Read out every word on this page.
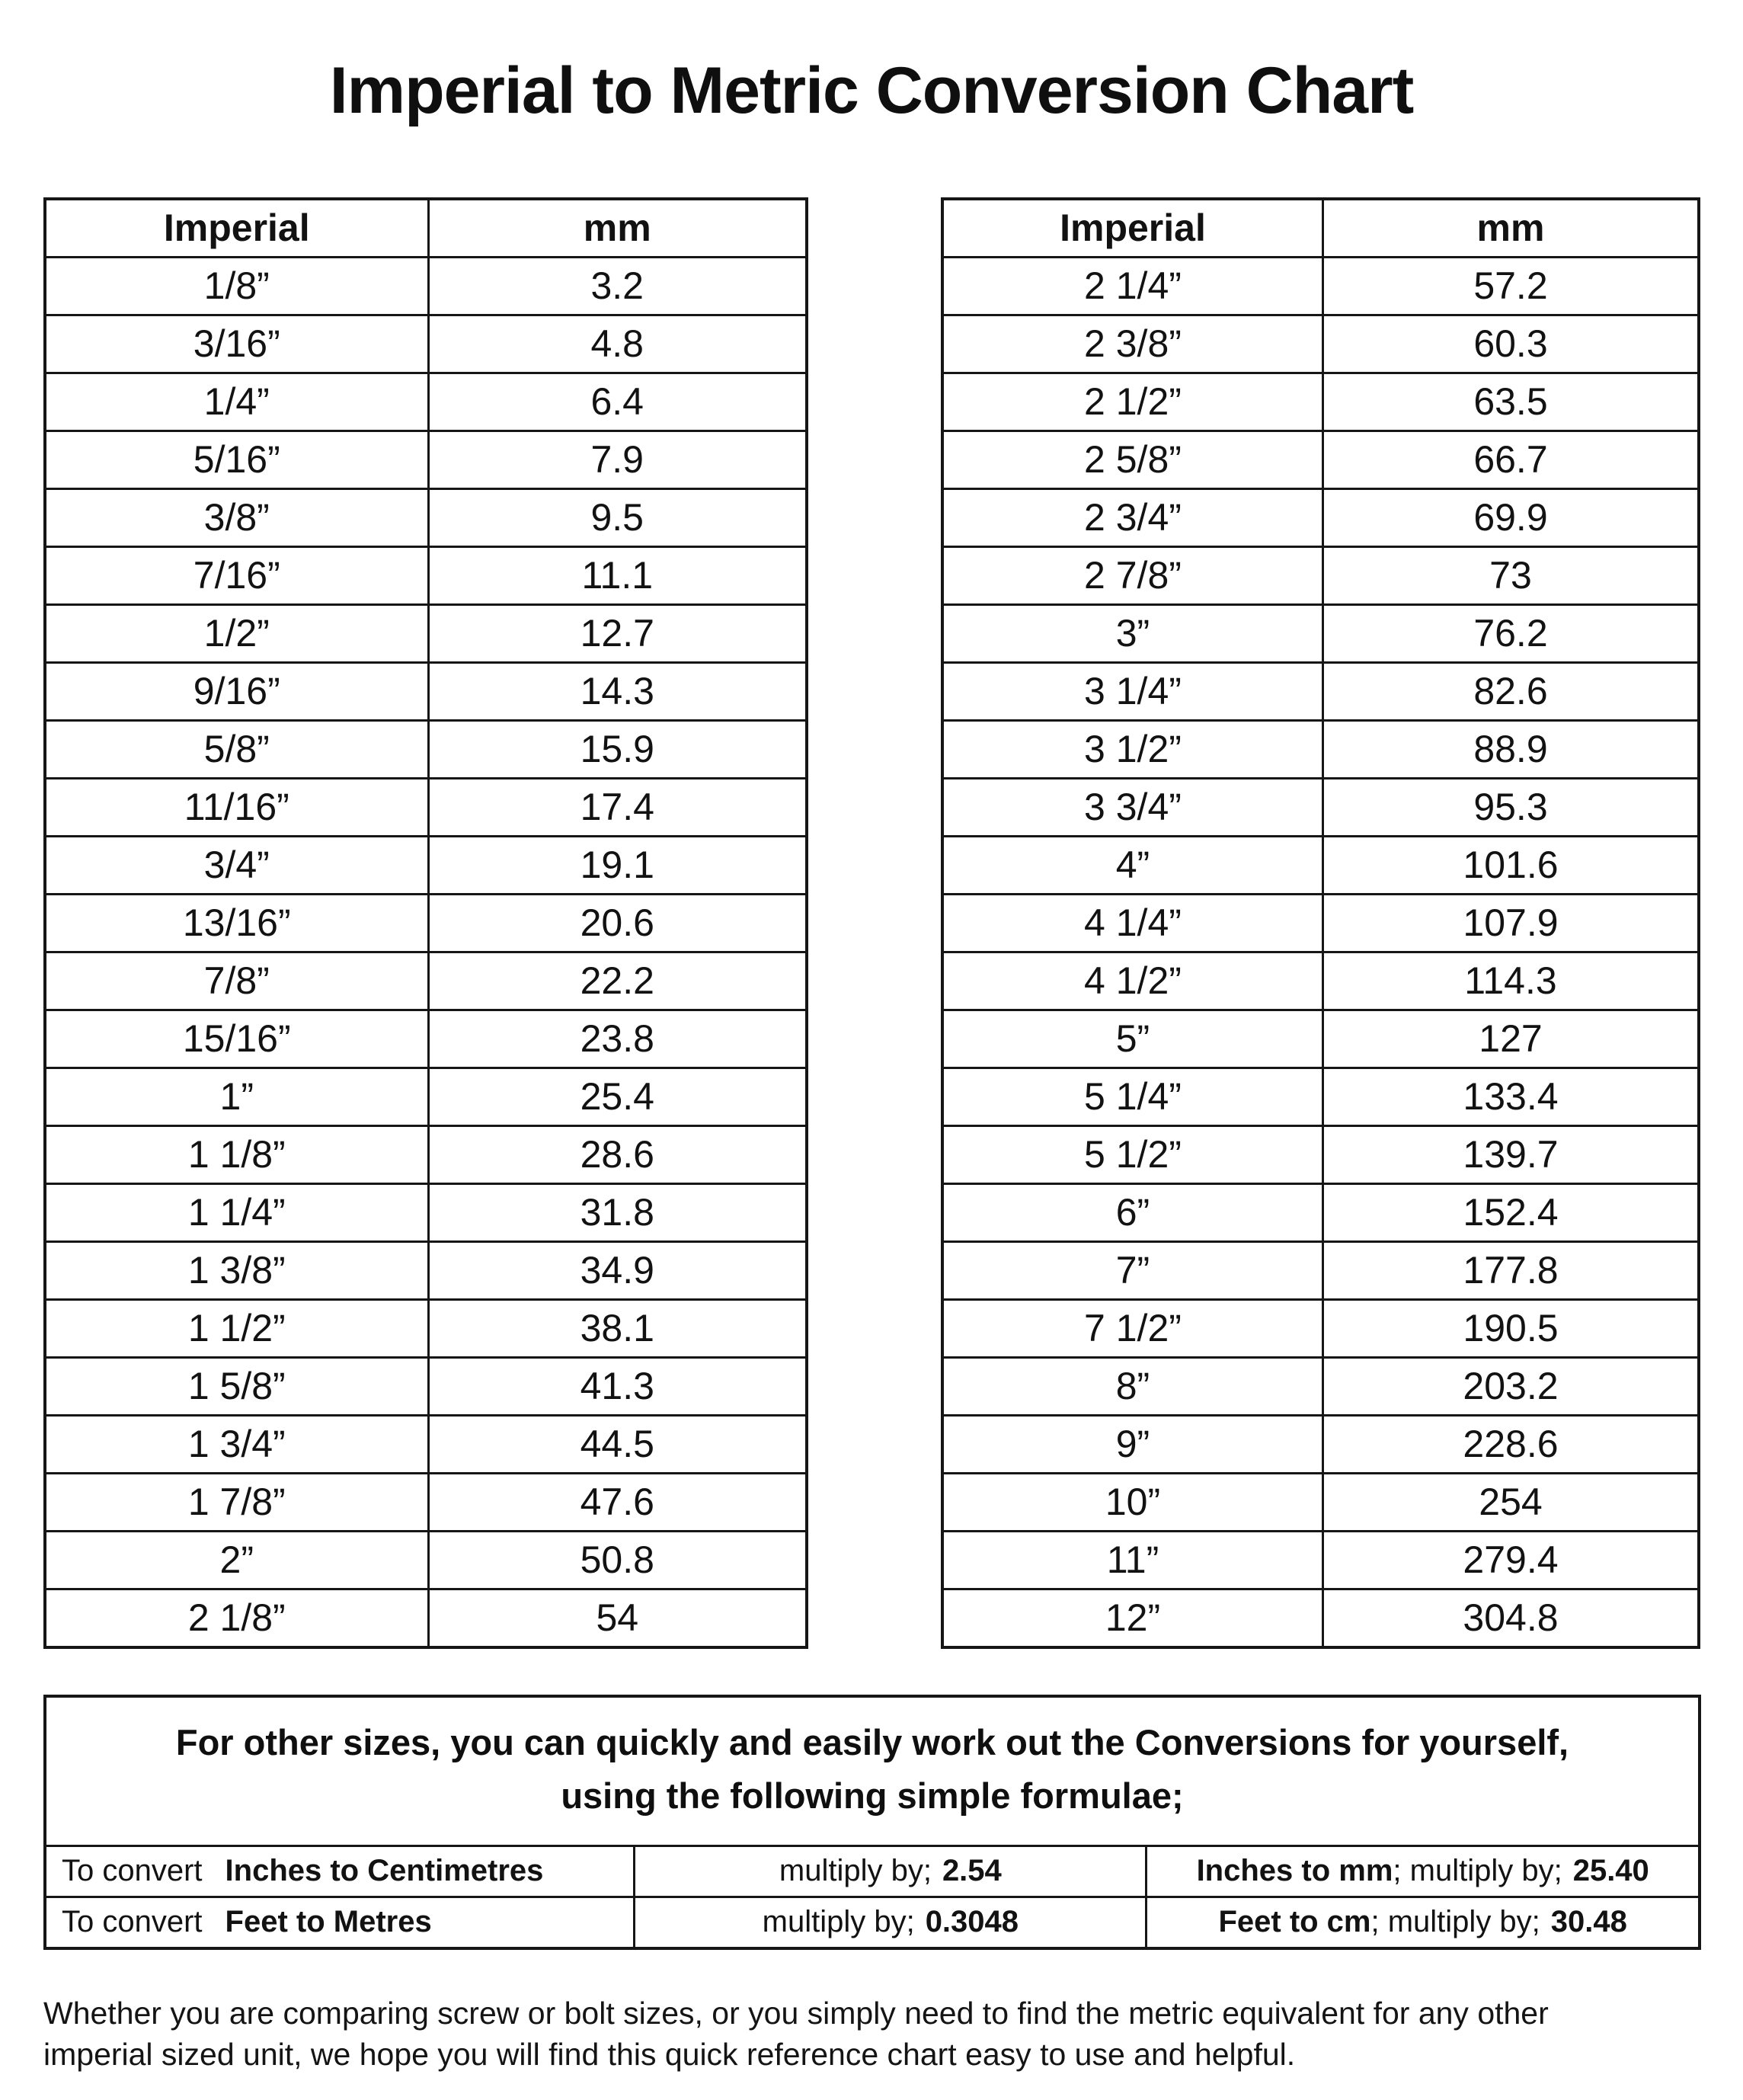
Imperial to Metric Conversion Chart
Imperial	mm
1/8”	3.2
3/16”	4.8
1/4”	6.4
5/16”	7.9
3/8”	9.5
7/16”	11.1
1/2”	12.7
9/16”	14.3
5/8”	15.9
11/16”	17.4
3/4”	19.1
13/16”	20.6
7/8”	22.2
15/16”	23.8
1”	25.4
1 1/8”	28.6
1 1/4”	31.8
1 3/8”	34.9
1 1/2”	38.1
1 5/8”	41.3
1 3/4”	44.5
1 7/8”	47.6
2”	50.8
2 1/8”	54
Imperial	mm
2 1/4”	57.2
2 3/8”	60.3
2 1/2”	63.5
2 5/8”	66.7
2 3/4”	69.9
2 7/8”	73
3”	76.2
3 1/4”	82.6
3 1/2”	88.9
3 3/4”	95.3
4”	101.6
4 1/4”	107.9
4 1/2”	114.3
5”	127
5 1/4”	133.4
5 1/2”	139.7
6”	152.4
7”	177.8
7 1/2”	190.5
8”	203.2
9”	228.6
10”	254
11”	279.4
12”	304.8
For other sizes, you can quickly and easily work out the Conversions for yourself,
using the following simple formulae;
To convert Inches to Centimetres	multiply by; 2.54	Inches to mm; multiply by; 25.40
To convert Feet to Metres	multiply by; 0.3048	Feet to cm; multiply by; 30.48
Whether you are comparing screw or bolt sizes, or you simply need to find the metric equivalent for any other
imperial sized unit, we hope you will find this quick reference chart easy to use and helpful.
